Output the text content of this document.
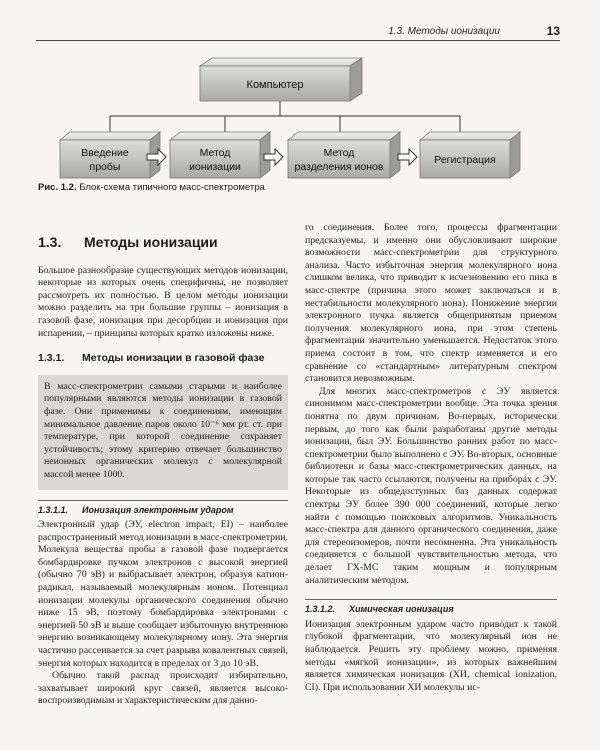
1.3. Методы ионизации	13
Компьютер
Введение
пробы
Метод
ионизации
Метод
разделения ионов
Регистрация
Рис. 1.2. Блок-схема типичного масс-спектрометра
1.3. Методы ионизации

Большое разнообразие существующих методов ионизации, некоторые из которых очень специфичны, не позволяет рассмотреть их полностью. В целом методы ионизации можно разделить на три большие группы – ионизация в газовой фазе, ионизация при десорбции и ионизация при испарении, – принципы которых кратко изложены ниже.

1.3.1. Методы ионизации в газовой фазе

В масс-спектрометрии самыми старыми и наиболее популярными являются методы ионизации в газовой фазе. Они применимы к соединениям, имеющим минимальное давление паров около 10⁻⁶ мм рт. ст. при температуре, при которой соединение сохраняет устойчивость; этому критерию отвечает большинство неионных органических молекул с молекулярной массой менее 1000.

1.3.1.1. Ионизация электронным ударом

Электронный удар (ЭУ, electron impact, EI) – наиболее распространенный метод ионизации в масс-спектрометрии. Молекула вещества пробы в газовой фазе подвергается бомбардировке пучком электронов с высокой энергией (обычно 70 эВ) и выбрасывает электрон, образуя катион-радикал, называемый молекулярным ионом. Потенциал ионизации молекулы органического соединения обычно ниже 15 эВ, поэтому бомбардировка электронами с энергией 50 эВ и выше сообщает избыточную внутреннюю энергию возникающему молекулярному иону. Эта энергия частично рассеивается за счет разрыва ковалентных связей, энергия которых находится в пределах от 3 до 10 эВ.

Обычно такой распад происходит избирательно, захватывает широкий круг связей, является высоко-воспроизводимым и характеристическим для данно-

го соединения. Более того, процессы фрагментации предсказуемы, и именно они обусловливают широкие возможности масс-спектрометрии для структурного анализа. Часто избыточная энергия молекулярного иона слишком велика, что приводит к исчезновению его пика в масс-спектре (причина этого может заключаться и в нестабильности молекулярного иона). Понижение энергии электронного пучка является общепринятым приемом получения молекулярного иона, при этом степень фрагментации значительно уменьшается. Недостаток этого приема состоит в том, что спектр изменяется и его сравнение со «стандартным» литературным спектром становится невозможным.

Для многих масс-спектрометров с ЭУ является синонимом масс-спектрометрии вообще. Эта точка зрения понятна по двум причинам. Во-первых, исторически первым, до того как были разработаны другие методы ионизации, был ЭУ. Большинство ранних работ по масс-спектрометрии было выполнено с ЭУ. Во-вторых, основные библиотеки и базы масс-спектрометрических данных, на которые так часто ссылаются, получены на приборах с ЭУ. Некоторые из общедоступных баз данных содержат спектры ЭУ более 390 000 соединений, которые легко найти с помощью поисковых алгоритмов. Уникальность масс-спектра для данного органического соединения, даже для стереоизомеров, почти несомненна. Эта уникальность соединяется с большой чувствительностью метода, что делает ГХ-МС таким мощным и популярным аналитическим методом.

1.3.1.2. Химическая ионизация

Ионизация электронным ударом часто приводит к такой глубокой фрагментации, что молекулярный ион не наблюдается. Решить эту проблему можно, применяя методы «мягкой ионизации», из которых важнейшим является химическая ионизация (ХИ, chemical ionization, CI). При использовании ХИ молекулы ис-
